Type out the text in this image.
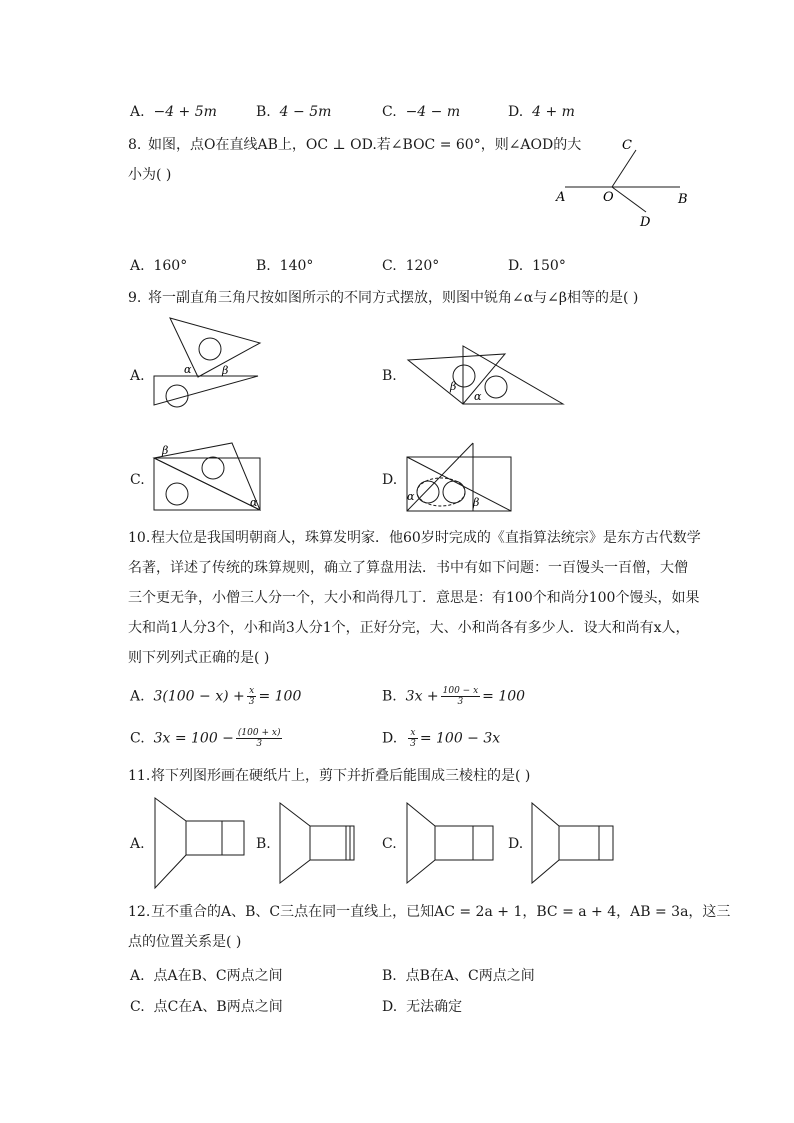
A. −4 + 5m	B. 4 − 5m	C. −4 − m	D. 4 + m
8. 如图，点O在直线AB上，OC ⊥ OD.若∠BOC = 60°，则∠AOD的大
小为( )
A	O	B
C
D
A. 160°	B. 140°	C. 120°	D. 150°
9. 将一副直角三角尺按如图所示的不同方式摆放，则图中锐角∠α与∠β相等的是( )
A.	α	β	B.
β
α
C.
β
α
D.
α	β
10. 程大位是我国明朝商人，珠算发明家．他60岁时完成的《直指算法统宗》是东方古代数学
名著，详述了传统的珠算规则，确立了算盘用法．书中有如下问题：一百馒头一百僧，大僧
三个更无争，小僧三人分一个，大小和尚得几丁．意思是：有100个和尚分100个馒头，如果
大和尚1人分3个，小和尚3人分1个，正好分完，大、小和尚各有多少人．设大和尚有x人，
则下列列式正确的是( )
A. $3(100 - x) + \frac{x}{3} = 100$	B. $3x + \frac{100 - x}{3} = 100$
C. $3x = 100 - \frac{(100 + x)}{3}$	D. $\frac{x}{3} = 100 - 3x$
11. 将下列图形画在硬纸片上，剪下并折叠后能围成三棱柱的是( )
A.	B.	C.	D.
12. 互不重合的A、B、C三点在同一直线上，已知AC = 2a + 1，BC = a + 4，AB = 3a，这三
点的位置关系是( )
A. 点A在B、C两点之间	B. 点B在A、C两点之间
C. 点C在A、B两点之间	D. 无法确定
